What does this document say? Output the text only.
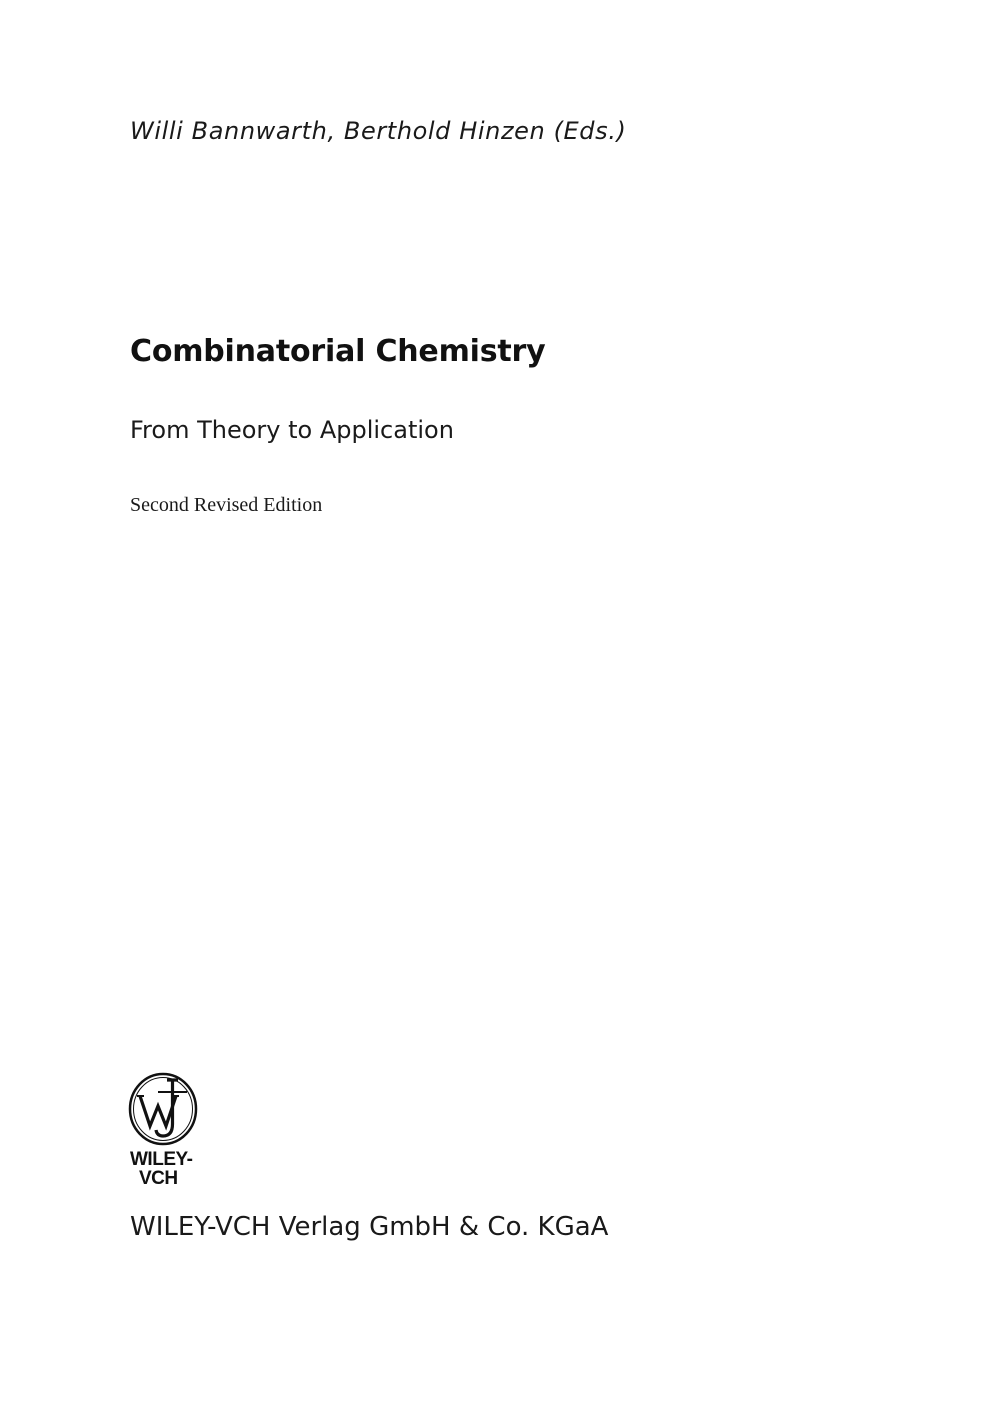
Willi Bannwarth, Berthold Hinzen (Eds.)
Combinatorial Chemistry
From Theory to Application
Second Revised Edition
WILEY-
VCH
WILEY-VCH Verlag GmbH & Co. KGaA
